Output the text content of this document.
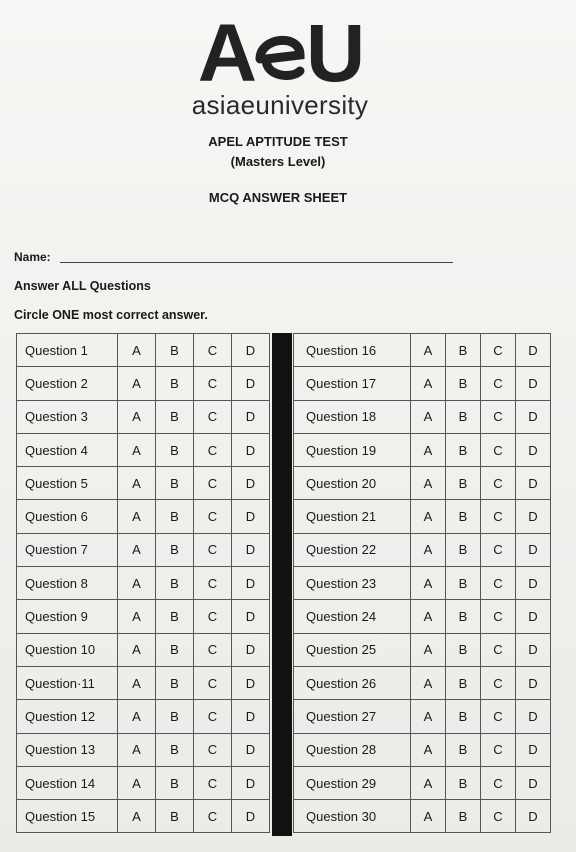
A U
asiaeuniversity
APEL APTITUDE TEST
(Masters Level)
MCQ ANSWER SHEET
Name:
Answer ALL Questions
Circle ONE most correct answer.
Question 1	A	B	C	D
Question 2	A	B	C	D
Question 3	A	B	C	D
Question 4	A	B	C	D
Question 5	A	B	C	D
Question 6	A	B	C	D
Question 7	A	B	C	D
Question 8	A	B	C	D
Question 9	A	B	C	D
Question 10	A	B	C	D
Question·11	A	B	C	D
Question 12	A	B	C	D
Question 13	A	B	C	D
Question 14	A	B	C	D
Question 15	A	B	C	D
Question 16	A	B	C	D
Question 17	A	B	C	D
Question 18	A	B	C	D
Question 19	A	B	C	D
Question 20	A	B	C	D
Question 21	A	B	C	D
Question 22	A	B	C	D
Question 23	A	B	C	D
Question 24	A	B	C	D
Question 25	A	B	C	D
Question 26	A	B	C	D
Question 27	A	B	C	D
Question 28	A	B	C	D
Question 29	A	B	C	D
Question 30	A	B	C	D
